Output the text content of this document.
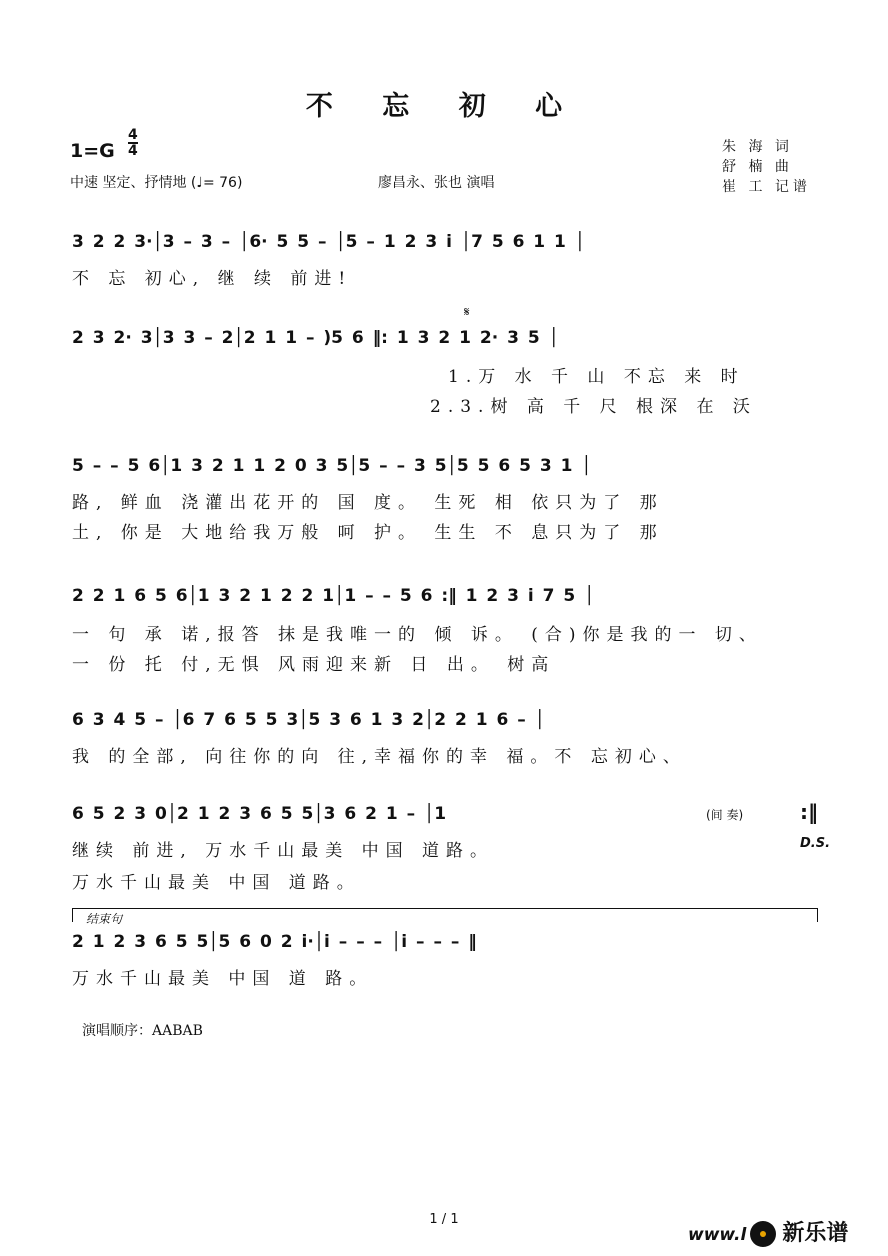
不 忘 初 心
1=G
4
4
中速 坚定、抒情地 (♩= 76)	廖昌永、张也 演唱
朱 海 词
舒 楠 曲
崔 工 记谱
3 2 2 3·│3 – 3 – │6· 5 5 – │5 – 1 2 3 i │7 5 6 1 1 │
不 忘 初心, 继 续 前进!
𝄋
2 3 2· 3│3 3 – 2│2 1 1 – )5 6 ‖: 1 3 2 1 2· 3 5 │
1.万 水 千 山 不忘 来 时
2.3.树 高 千 尺 根深 在 沃
5 – – 5 6│1 3 2 1 1 2 0 3 5│5 – – 3 5│5 5 6 5 3 1 │
路, 鲜血 浇灌出花开的 国 度。 生死 相 依只为了 那
土, 你是 大地给我万般 呵 护。 生生 不 息只为了 那
2 2 1 6 5 6│1 3 2 1 2 2 1│1 – – 5 6 :‖ 1 2 3 i 7 5 │
一 句 承 诺,报答 抹是我唯一的 倾 诉。 (合)你是我的一 切、
一 份 托 付,无惧 风雨迎来新 日 出。 树高
6 3 4 5 – │6 7 6 5 5 3│5 3 6 1 3 2│2 2 1 6 – │
我 的全部, 向往你的向 往,幸福你的幸 福。不 忘初心、
6 5 2 3 0│2 1 2 3 6 5 5│3 6 2 1 – │1	(间 奏)	:‖
D.S.
继续 前进, 万水千山最美 中国 道路。
万水千山最美 中国 道路。
结束句
2 1 2 3 6 5 5│5 6 0 2 i·│i – – – │i – – – ‖
万水千山最美 中国 道 路。
演唱顺序：AABAB
1 / 1
www.l 新乐谱
